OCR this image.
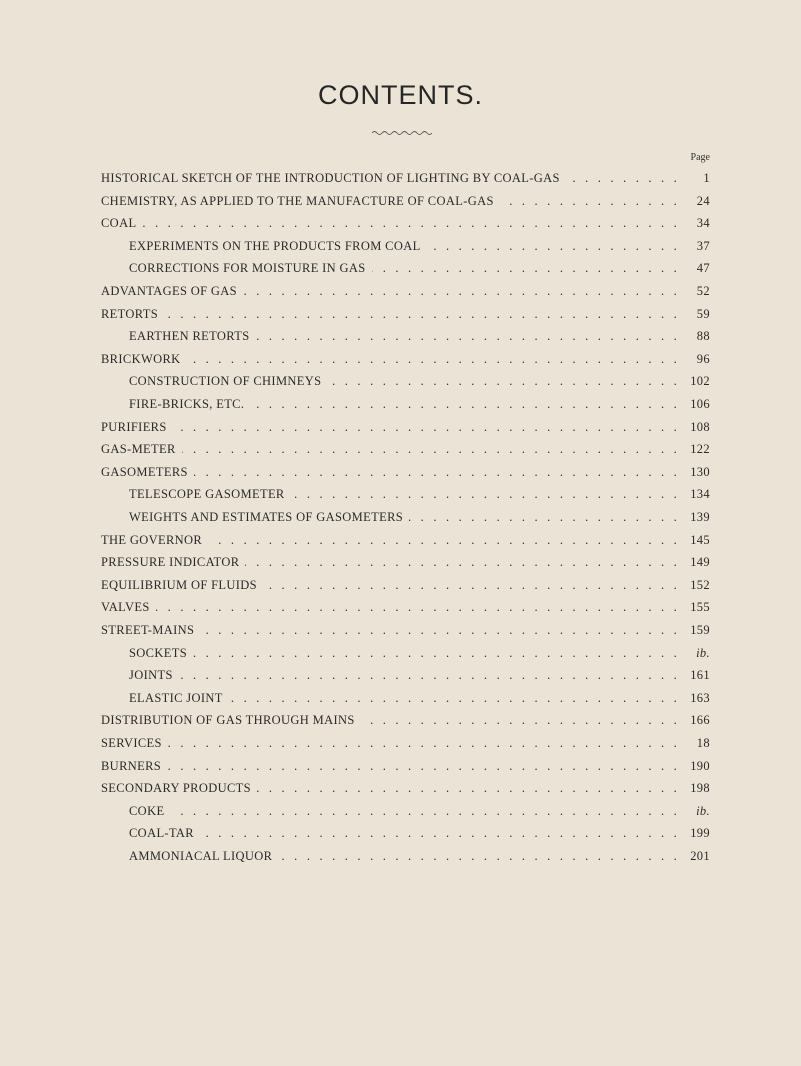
CONTENTS.
Page
HISTORICAL SKETCH OF THE INTRODUCTION OF LIGHTING BY COAL-GAS . . .	1
CHEMISTRY, AS APPLIED TO THE MANUFACTURE OF COAL-GAS . . .	24
COAL . . .	34
EXPERIMENTS ON THE PRODUCTS FROM COAL . . .	37
CORRECTIONS FOR MOISTURE IN GAS . . .	47
ADVANTAGES OF GAS . . .	52
RETORTS . . .	59
EARTHEN RETORTS . . .	88
BRICKWORK . . .	96
CONSTRUCTION OF CHIMNEYS . . .	102
FIRE-BRICKS, ETC. . . .	106
PURIFIERS . . .	108
GAS-METER . . .	122
GASOMETERS . . .	130
TELESCOPE GASOMETER . . .	134
WEIGHTS AND ESTIMATES OF GASOMETERS . . .	139
THE GOVERNOR . . .	145
PRESSURE INDICATOR . . .	149
EQUILIBRIUM OF FLUIDS . . .	152
VALVES . . .	155
STREET-MAINS . . .	159
SOCKETS . . .	ib.
JOINTS . . .	161
ELASTIC JOINT . . .	163
DISTRIBUTION OF GAS THROUGH MAINS . . .	166
SERVICES . . .	18
BURNERS . . .	190
SECONDARY PRODUCTS . . .	198
COKE . . .	ib.
COAL-TAR . . .	199
AMMONIACAL LIQUOR . . .	201
